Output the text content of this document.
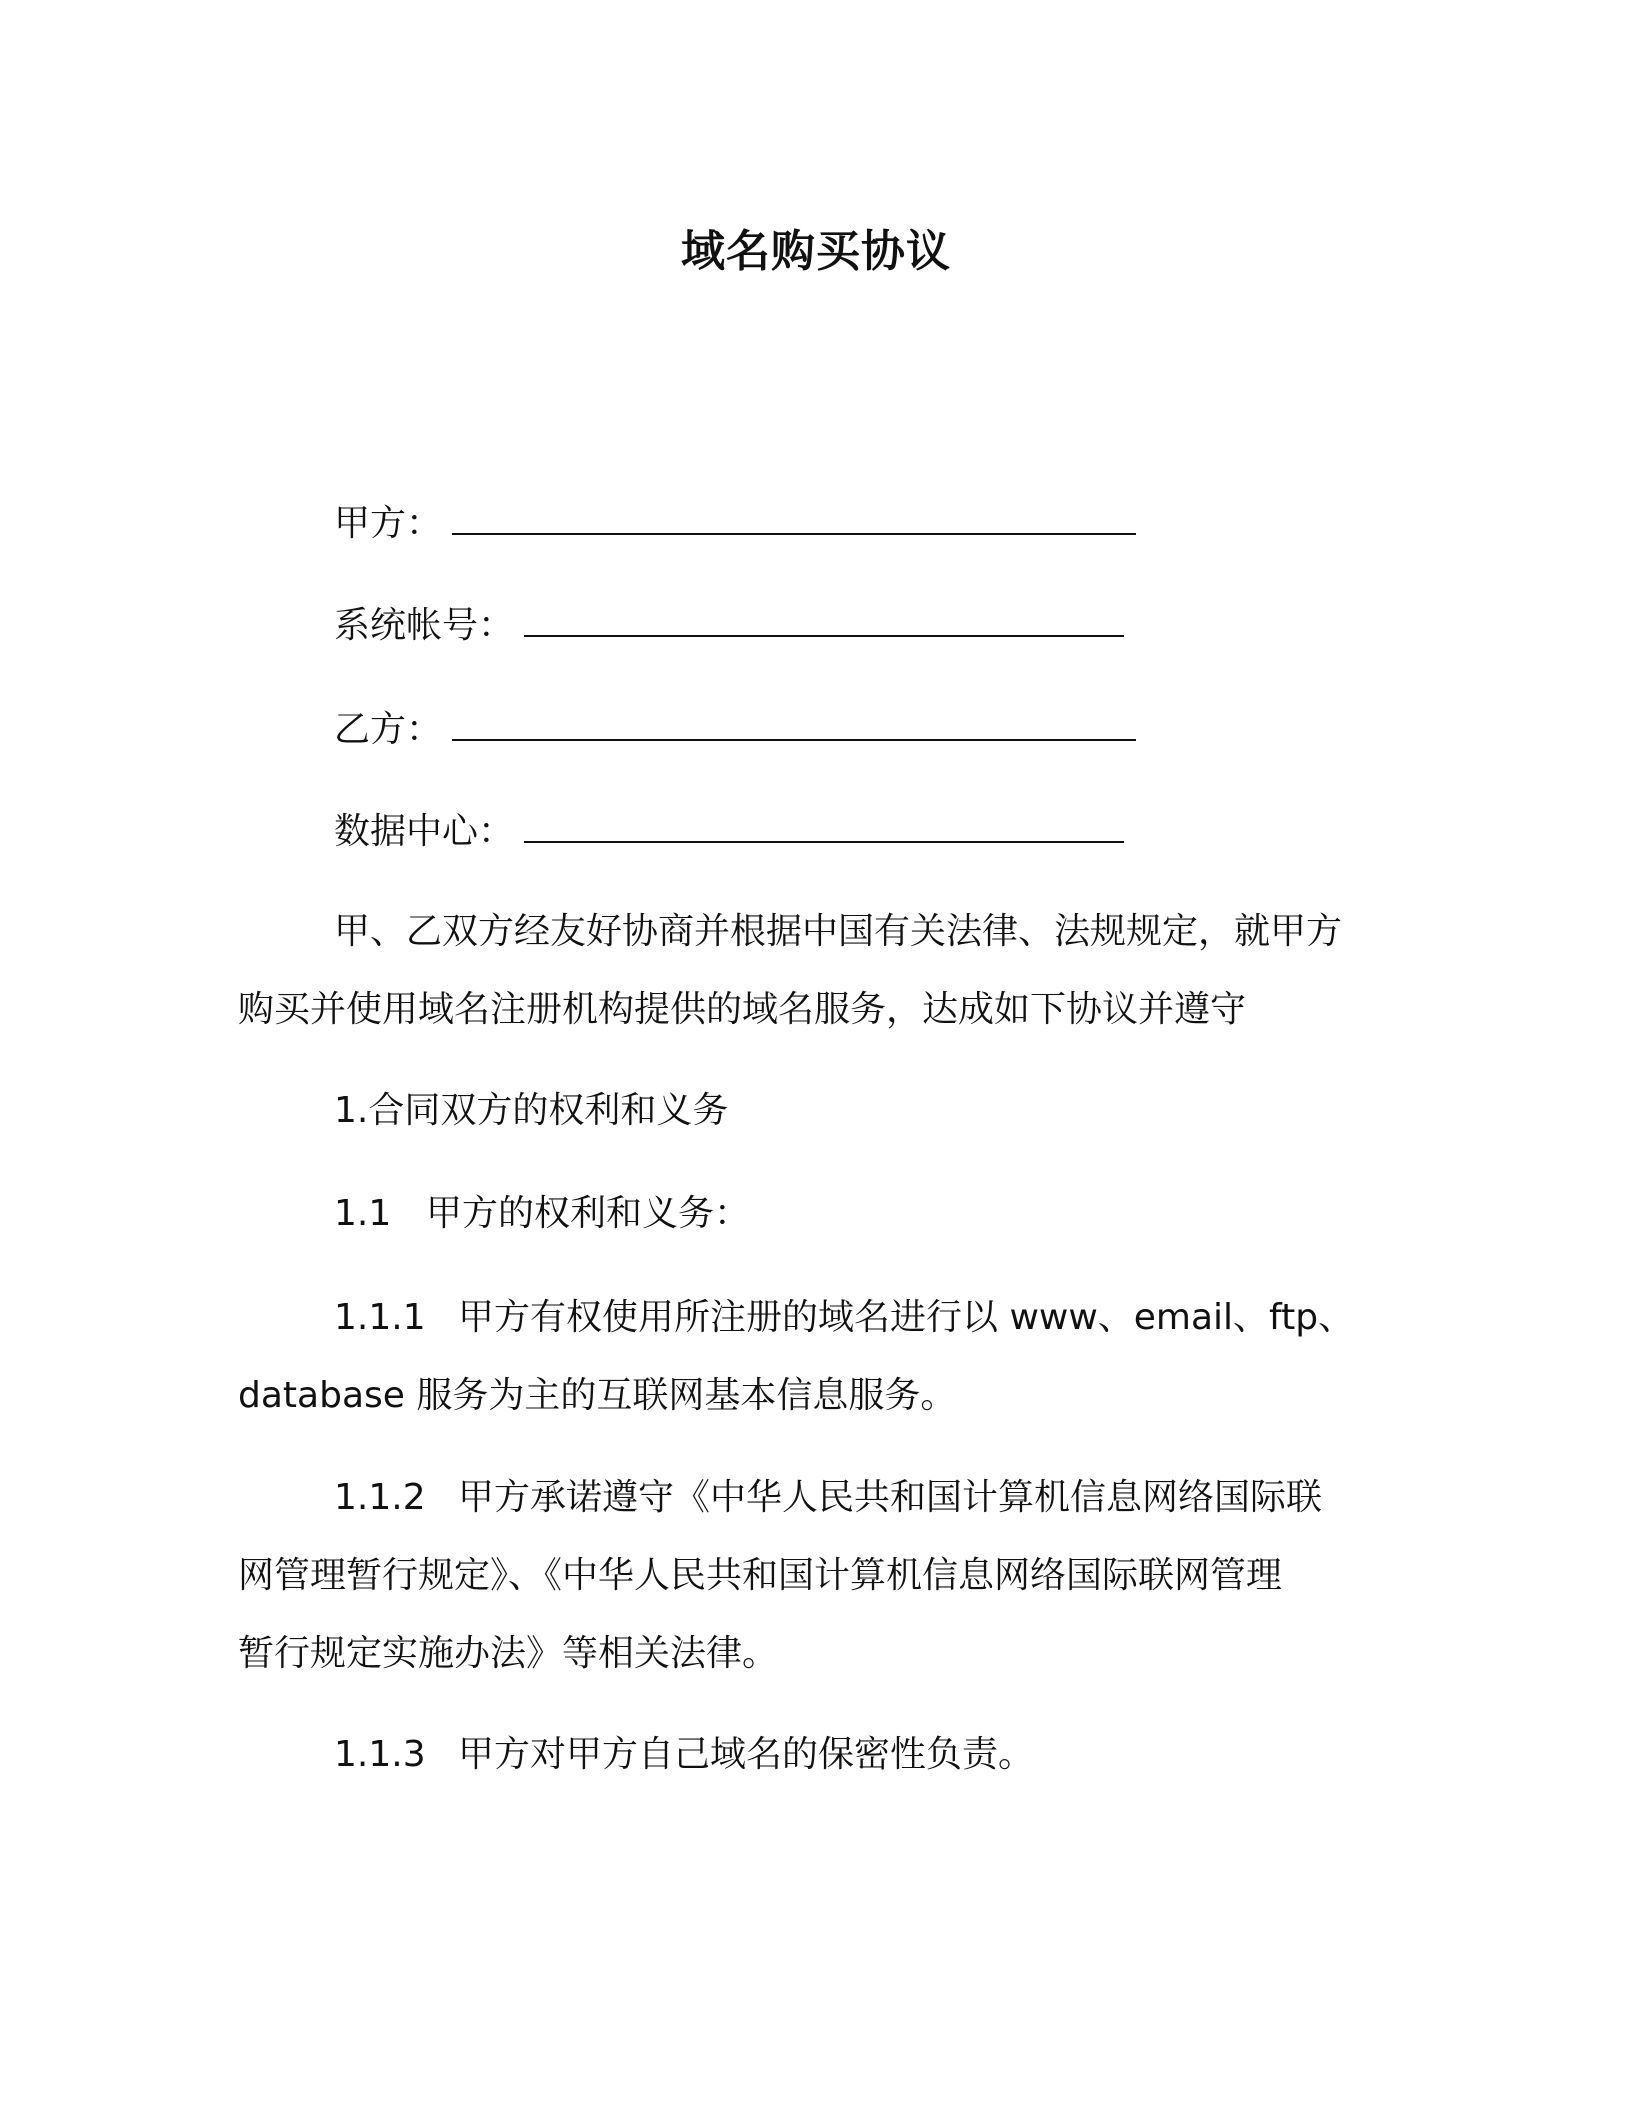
域名购买协议
甲方：
系统帐号：
乙方：
数据中心：
甲、乙双方经友好协商并根据中国有关法律、法规规定，就甲方
购买并使用域名注册机构提供的域名服务，达成如下协议并遵守
1.合同双方的权利和义务
1.1 甲方的权利和义务：
1.1.1 甲方有权使用所注册的域名进行以 www、email、ftp、
database 服务为主的互联网基本信息服务。
1.1.2 甲方承诺遵守《中华人民共和国计算机信息网络国际联
网管理暂行规定》、《中华人民共和国计算机信息网络国际联网管理
暂行规定实施办法》等相关法律。
1.1.3 甲方对甲方自己域名的保密性负责。
